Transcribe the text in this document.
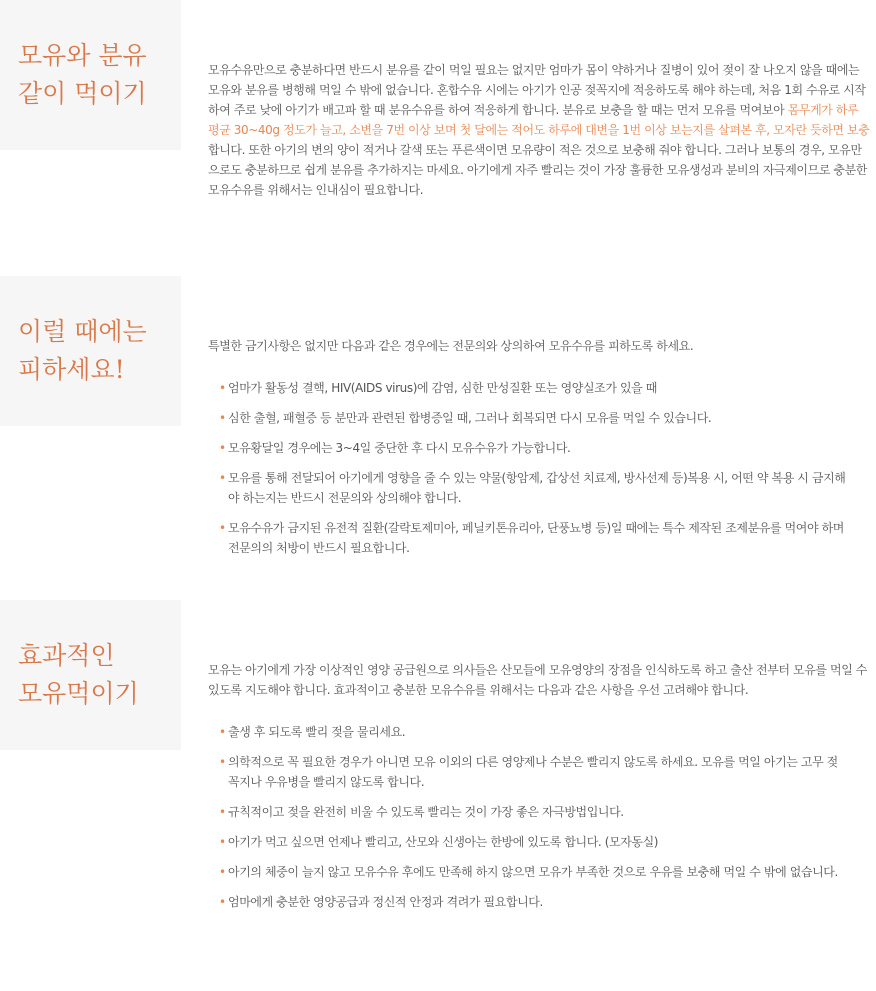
모유와 분유
같이 먹이기

모유수유만으로 충분하다면 반드시 분유를 같이 먹일 필요는 없지만 엄마가 몸이 약하거나 질병이 있어 젖이 잘 나오지 않을 때에는 모유와 분유를 병행해 먹일 수 밖에 없습니다. 혼합수유 시에는 아기가 인공 젖꼭지에 적응하도록 해야 하는데, 처음 1회 수유로 시작하여 주로 낮에 아기가 배고파 할 때 분유수유를 하여 적응하게 합니다. 분유로 보충을 할 때는 먼저 모유를 먹여보아 몸무게가 하루 평균 30~40g 정도가 늘고, 소변을 7번 이상 보며 첫 달에는 적어도 하루에 대변을 1번 이상 보는지를 살펴본 후, 모자란 듯하면 보충합니다. 또한 아기의 변의 양이 적거나 갈색 또는 푸른색이면 모유량이 적은 것으로 보충해 줘야 합니다. 그러나 보통의 경우, 모유만으로도 충분하므로 쉽게 분유를 추가하지는 마세요. 아기에게 자주 빨리는 것이 가장 훌륭한 모유생성과 분비의 자극제이므로 충분한 모유수유를 위해서는 인내심이 필요합니다.

이럴 때에는
피하세요!

특별한 금기사항은 없지만 다음과 같은 경우에는 전문의와 상의하여 모유수유를 피하도록 하세요.

• 엄마가 활동성 결핵, HIV(AIDS virus)에 감염, 심한 만성질환 또는 영양실조가 있을 때
• 심한 출혈, 패혈증 등 분만과 관련된 합병증일 때, 그러나 회복되면 다시 모유를 먹일 수 있습니다.
• 모유황달일 경우에는 3~4일 중단한 후 다시 모유수유가 가능합니다.
• 모유를 통해 전달되어 아기에게 영향을 줄 수 있는 약물(항암제, 갑상선 치료제, 방사선제 등)복용 시, 어떤 약 복용 시 금지해야 하는지는 반드시 전문의와 상의해야 합니다.
• 모유수유가 금지된 유전적 질환(갈락토제미아, 페닐키톤유리아, 단풍뇨병 등)일 때에는 특수 제작된 조제분유를 먹여야 하며 전문의의 처방이 반드시 필요합니다.
효과적인
모유먹이기

모유는 아기에게 가장 이상적인 영양 공급원으로 의사들은 산모들에 모유영양의 장점을 인식하도록 하고 출산 전부터 모유를 먹일 수 있도록 지도해야 합니다. 효과적이고 충분한 모유수유를 위해서는 다음과 같은 사항을 우선 고려해야 합니다.

• 출생 후 되도록 빨리 젖을 물리세요.
• 의학적으로 꼭 필요한 경우가 아니면 모유 이외의 다른 영양제나 수분은 빨리지 않도록 하세요. 모유를 먹일 아기는 고무 젖꼭지나 우유병을 빨리지 않도록 합니다.
• 규칙적이고 젖을 완전히 비울 수 있도록 빨리는 것이 가장 좋은 자극방법입니다.
• 아기가 먹고 싶으면 언제나 빨리고, 산모와 신생아는 한방에 있도록 합니다. (모자동실)
• 아기의 체중이 늘지 않고 모유수유 후에도 만족해 하지 않으면 모유가 부족한 것으로 우유를 보충해 먹일 수 밖에 없습니다.
• 엄마에게 충분한 영양공급과 정신적 안정과 격려가 필요합니다.
